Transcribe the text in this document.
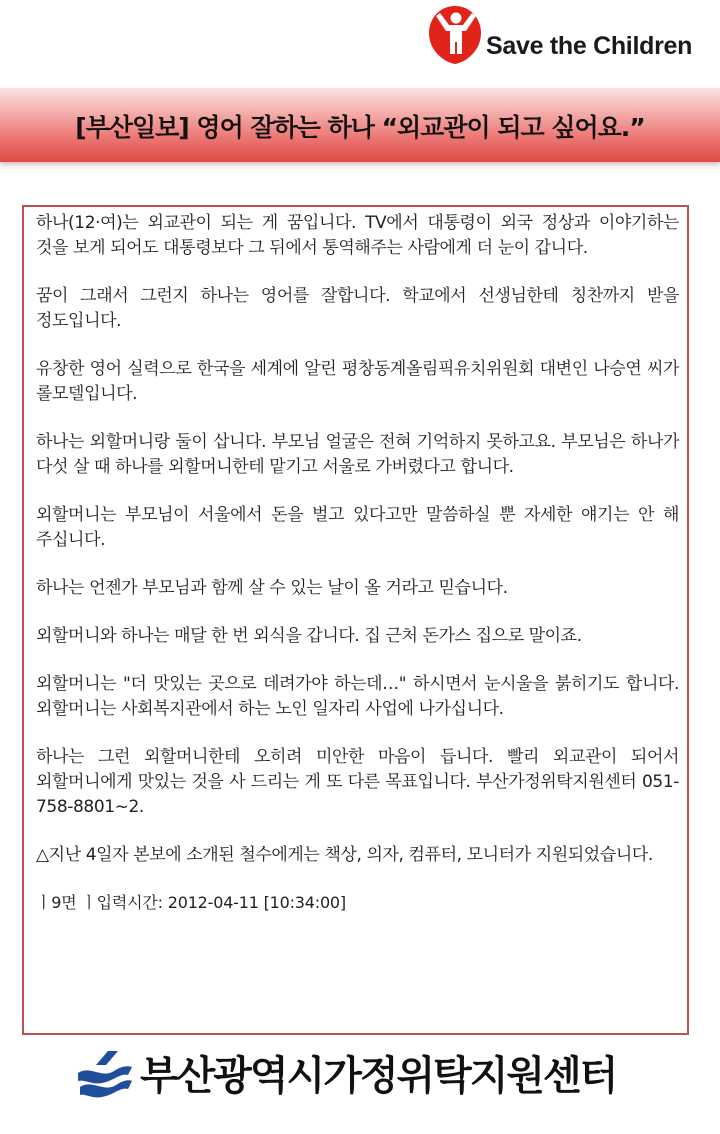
Save the Children
[부산일보] 영어 잘하는 하나 “외교관이 되고 싶어요.”

하나(12·여)는 외교관이 되는 게 꿈입니다. TV에서 대통령이 외국 정상과 이야기하는 것을 보게 되어도 대통령보다 그 뒤에서 통역해주는 사람에게 더 눈이 갑니다.

꿈이 그래서 그런지 하나는 영어를 잘합니다. 학교에서 선생님한테 칭찬까지 받을 정도입니다.

유창한 영어 실력으로 한국을 세계에 알린 평창동계올림픽유치위원회 대변인 나승연 씨가 롤모델입니다.

하나는 외할머니랑 둘이 삽니다. 부모님 얼굴은 전혀 기억하지 못하고요. 부모님은 하나가 다섯 살 때 하나를 외할머니한테 맡기고 서울로 가버렸다고 합니다.

외할머니는 부모님이 서울에서 돈을 벌고 있다고만 말씀하실 뿐 자세한 얘기는 안 해 주십니다.

하나는 언젠가 부모님과 함께 살 수 있는 날이 올 거라고 믿습니다.

외할머니와 하나는 매달 한 번 외식을 갑니다. 집 근처 돈가스 집으로 말이죠.

외할머니는 "더 맛있는 곳으로 데려가야 하는데…" 하시면서 눈시울을 붉히기도 합니다. 외할머니는 사회복지관에서 하는 노인 일자리 사업에 나가십니다.

하나는 그런 외할머니한테 오히려 미안한 마음이 듭니다. 빨리 외교관이 되어서 외할머니에게 맛있는 것을 사 드리는 게 또 다른 목표입니다. 부산가정위탁지원센터 051-758-8801~2.

△지난 4일자 본보에 소개된 철수에게는 책상, 의자, 컴퓨터, 모니터가 지원되었습니다.

ㅣ9면 ㅣ입력시간: 2012-04-11 [10:34:00]

부산광역시가정위탁지원센터
